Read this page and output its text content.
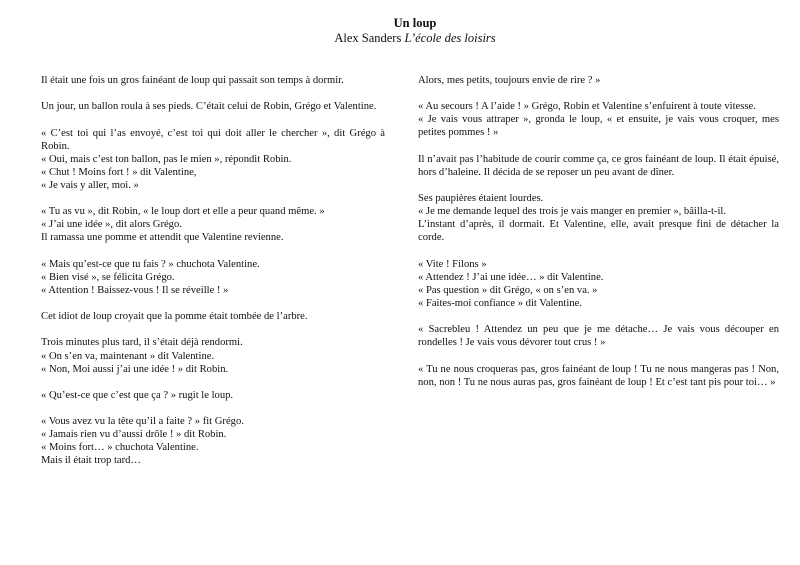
Un loup
Alex Sanders L’école des loisirs
Il était une fois un gros fainéant de loup qui passait son temps à dormir.
Un jour, un ballon roula à ses pieds. C’était celui de Robin, Grégo et Valentine.
« C’est toi qui l’as envoyé, c’est toi qui doit aller le chercher », dit Grégo à Robin.
« Oui, mais c’est ton ballon, pas le mien », répondit Robin.
« Chut ! Moins fort ! » dit Valentine,
« Je vais y aller, moi. »
« Tu as vu », dit Robin, « le loup dort et elle a peur quand même. »
« J’ai une idée », dit alors Grégo.
Il ramassa une pomme et attendit que Valentine revienne.
« Mais qu’est-ce que tu fais ? » chuchota Valentine.
« Bien visé », se félicita Grégo.
« Attention ! Baissez-vous ! Il se réveille ! »
Cet idiot de loup croyait que la pomme était tombée de l’arbre.
Trois minutes plus tard, il s’était déjà rendormi.
« On s’en va, maintenant » dit Valentine.
« Non, Moi aussi j’ai une idée ! » dit Robin.
« Qu’est-ce que c’est que ça ? » rugit le loup.
« Vous avez vu la tête qu’il a faite ? » fit Grégo.
« Jamais rien vu d’aussi drôle ! » dit Robin.
« Moins fort… » chuchota Valentine.
Mais il était trop tard…
Alors, mes petits, toujours envie de rire ? »
« Au secours ! A l’aide ! » Grégo, Robin et Valentine s’enfuirent à toute vitesse.
« Je vais vous attraper », gronda le loup, « et ensuite, je vais vous croquer, mes petites pommes ! »
Il n’avait pas l’habitude de courir comme ça, ce gros fainéant de loup. Il était épuisé, hors d’haleine. Il décida de se reposer un peu avant de dîner.
Ses paupières étaient lourdes.
« Je me demande lequel des trois je vais manger en premier », bâilla-t-il.
L’instant d’après, il dormait. Et Valentine, elle, avait presque fini de détacher la corde.
« Vite ! Filons »
« Attendez ! J’ai une idée… » dit Valentine.
« Pas question » dit Grégo, « on s’en va. »
« Faites-moi confiance » dit Valentine.
« Sacrebleu ! Attendez un peu que je me détache… Je vais vous découper en rondelles ! Je vais vous dévorer tout crus ! »
« Tu ne nous croqueras pas, gros fainéant de loup ! Tu ne nous mangeras pas ! Non, non, non ! Tu ne nous auras pas, gros fainéant de loup ! Et c’est tant pis pour toi… »
